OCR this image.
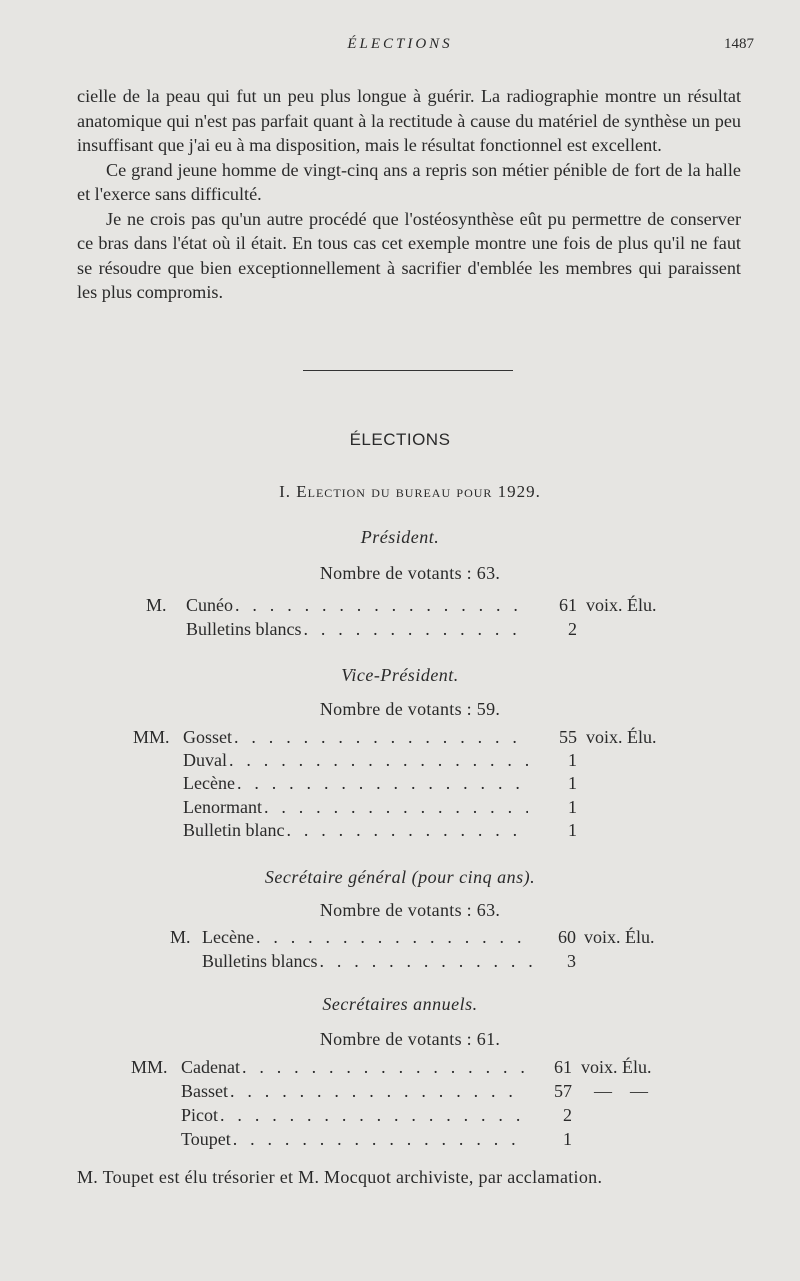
ÉLECTIONS	1487

cielle de la peau qui fut un peu plus longue à guérir. La radiographie montre un résultat anatomique qui n'est pas parfait quant à la rectitude à cause du matériel de synthèse un peu insuffisant que j'ai eu à ma disposition, mais le résultat fonctionnel est excellent.

Ce grand jeune homme de vingt-cinq ans a repris son métier pénible de fort de la halle et l'exerce sans difficulté.

Je ne crois pas qu'un autre procédé que l'ostéosynthèse eût pu permettre de conserver ce bras dans l'état où il était. En tous cas cet exemple montre une fois de plus qu'il ne faut se résoudre que bien exceptionnellement à sacrifier d'emblée les membres qui paraissent les plus compromis.

ÉLECTIONS
I. Election du bureau pour 1929.
Président.
Nombre de votants : 63.
M. Cunéo . . .	61 voix. Élu.
Bulletins blancs . . .	2
Vice-Président.
Nombre de votants : 59.
MM. Gosset . . .	55 voix. Élu.
Duval . . .	1
Lecène . . .	1
Lenormant . . .	1
Bulletin blanc . . .	1
Secrétaire général (pour cinq ans).
Nombre de votants : 63.
M. Lecène . . .	60 voix. Élu.
Bulletins blancs . . .	3
Secrétaires annuels.
Nombre de votants : 61.
MM. Cadenat . . .	61 voix. Élu.
Basset . . .	57 —    —
Picot . . .	2
Toupet . . .	1
M. Toupet est élu trésorier et M. Mocquot archiviste, par acclamation.
